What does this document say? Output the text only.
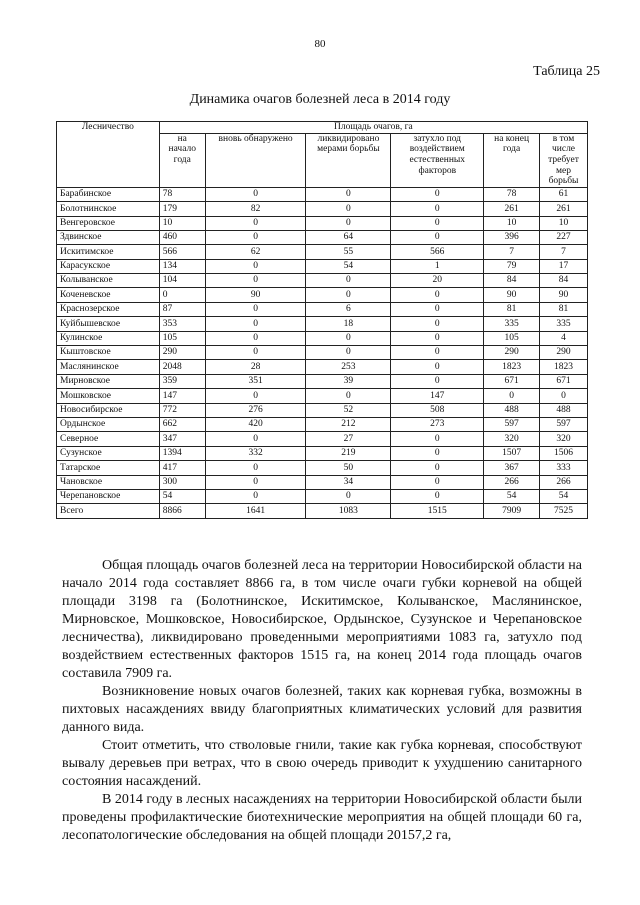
80
Таблица 25
Динамика очагов болезней леса в 2014 году
Лесничество	Площадь очагов, га					
	на начало года	вновь обнаружено	ликвидировано мерами борьбы	затухло под воздействием естественных факторов	на конец года	в том числе требует мер борьбы
Барабинское	78	0	0	0	78	61
Болотнинское	179	82	0	0	261	261
Венгеровское	10	0	0	0	10	10
Здвинское	460	0	64	0	396	227
Искитимское	566	62	55	566	7	7
Карасукское	134	0	54	1	79	17
Колыванское	104	0	0	20	84	84
Коченевское	0	90	0	0	90	90
Краснозерское	87	0	6	0	81	81
Куйбышевское	353	0	18	0	335	335
Кулинское	105	0	0	0	105	4
Кыштовское	290	0	0	0	290	290
Маслянинское	2048	28	253	0	1823	1823
Мирновское	359	351	39	0	671	671
Мошковское	147	0	0	147	0	0
Новосибирское	772	276	52	508	488	488
Ордынское	662	420	212	273	597	597
Северное	347	0	27	0	320	320
Сузунское	1394	332	219	0	1507	1506
Татарское	417	0	50	0	367	333
Чановское	300	0	34	0	266	266
Черепановское	54	0	0	0	54	54
Всего	8866	1641	1083	1515	7909	7525

Общая площадь очагов болезней леса на территории Новосибирской области на начало 2014 года составляет 8866 га, в том числе очаги губки корневой на общей площади 3198 га (Болотнинское, Искитимское, Колыванское, Маслянинское, Мирновское, Мошковское, Новосибирское, Ордынское, Сузунское и Черепановское лесничества), ликвидировано проведенными мероприятиями 1083 га, затухло под воздействием естественных факторов 1515 га, на конец 2014 года площадь очагов составила 7909 га.

Возникновение новых очагов болезней, таких как корневая губка, возможны в пихтовых насаждениях ввиду благоприятных климатических условий для развития данного вида.

Стоит отметить, что стволовые гнили, такие как губка корневая, способствуют вывалу деревьев при ветрах, что в свою очередь приводит к ухудшению санитарного состояния насаждений.

В 2014 году в лесных насаждениях на территории Новосибирской области были проведены профилактические биотехнические мероприятия на общей площади 60 га, лесопатологические обследования на общей площади 20157,2 га,
